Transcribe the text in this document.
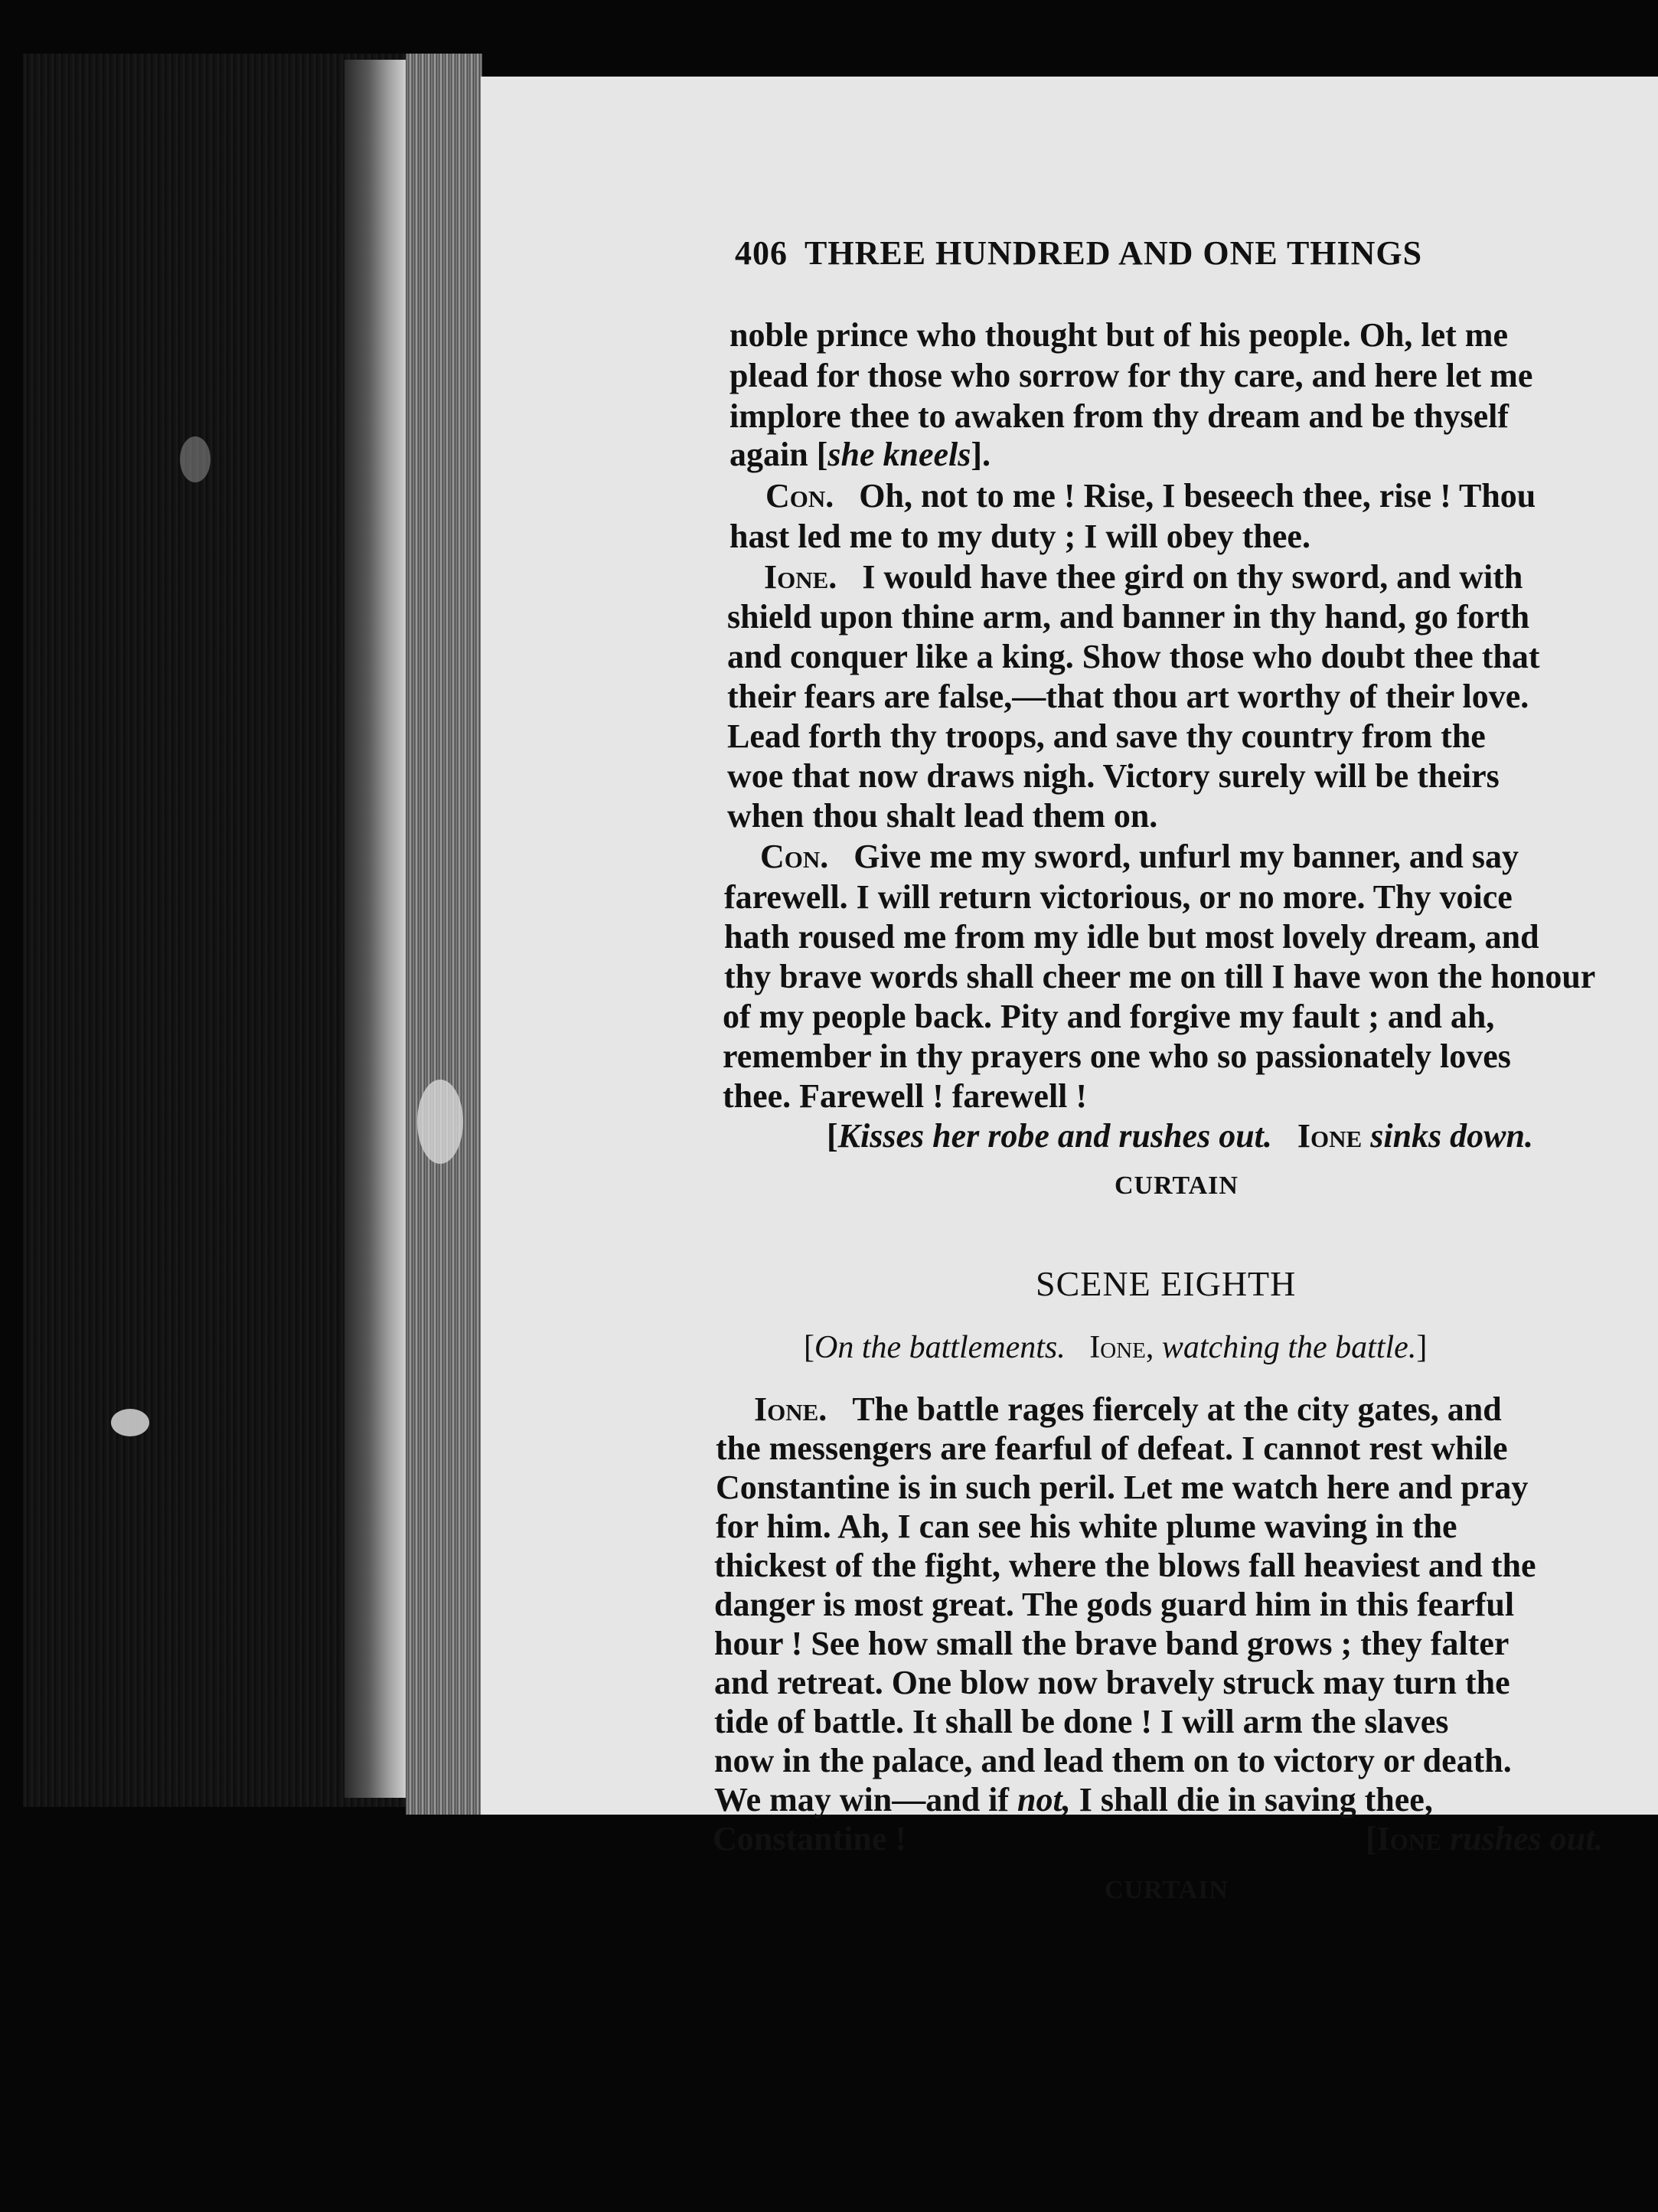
406 THREE HUNDRED AND ONE THINGS
noble prince who thought but of his people. Oh, let me
plead for those who sorrow for thy care, and here let me
implore thee to awaken from thy dream and be thyself
again [she kneels].
Con. Oh, not to me ! Rise, I beseech thee, rise ! Thou
hast led me to my duty ; I will obey thee.
Ione. I would have thee gird on thy sword, and with
shield upon thine arm, and banner in thy hand, go forth
and conquer like a king. Show those who doubt thee that
their fears are false,—that thou art worthy of their love.
Lead forth thy troops, and save thy country from the
woe that now draws nigh. Victory surely will be theirs
when thou shalt lead them on.
Con. Give me my sword, unfurl my banner, and say
farewell. I will return victorious, or no more. Thy voice
hath roused me from my idle but most lovely dream, and
thy brave words shall cheer me on till I have won the honour
of my people back. Pity and forgive my fault ; and ah,
remember in thy prayers one who so passionately loves
thee. Farewell ! farewell !
[Kisses her robe and rushes out. Ione sinks down.
CURTAIN
SCENE EIGHTH
[On the battlements. Ione, watching the battle.]
Ione. The battle rages fiercely at the city gates, and
the messengers are fearful of defeat. I cannot rest while
Constantine is in such peril. Let me watch here and pray
for him. Ah, I can see his white plume waving in the
thickest of the fight, where the blows fall heaviest and the
danger is most great. The gods guard him in this fearful
hour ! See how small the brave band grows ; they falter
and retreat. One blow now bravely struck may turn the
tide of battle. It shall be done ! I will arm the slaves
now in the palace, and lead them on to victory or death.
We may win—and if not, I shall die in saving thee,
Constantine !	[Ione rushes out.
CURTAIN
